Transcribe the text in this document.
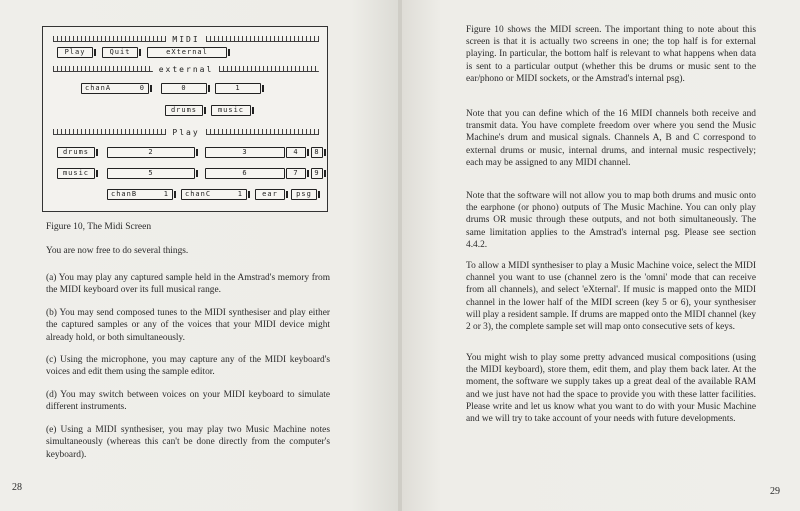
MIDI
Play	Quit	eXternal
external
chanA	0	0	1
drums	music
Play
drums	2	3	4	8
music	5	6	7	9
chanB	1 chanC	1	ear	psg
Figure 10, The Midi Screen
You are now free to do several things.
(a) You may play any captured sample held in the Amstrad's memory from the MIDI keyboard over its full musical range.
(b) You may send composed tunes to the MIDI synthesiser and play either the captured samples or any of the voices that your MIDI device might already hold, or both simultaneously.
(c) Using the microphone, you may capture any of the MIDI keyboard's voices and edit them using the sample editor.
(d) You may switch between voices on your MIDI keyboard to simulate different instruments.
(e) Using a MIDI synthesiser, you may play two Music Machine notes simultaneously (whereas this can't be done directly from the computer's keyboard).
28
Figure 10 shows the MIDI screen. The important thing to note about this screen is that it is actually two screens in one; the top half is for external playing. In particular, the bottom half is relevant to what happens when data is sent to a particular output (whether this be drums or music sent to the ear/phono or MIDI sockets, or the Amstrad's internal psg).
Note that you can define which of the 16 MIDI channels both receive and transmit data. You have complete freedom over where you send the Music Machine's drum and musical signals. Channels A, B and C correspond to external drums or music, internal drums, and internal music respectively; each may be assigned to any MIDI channel.
Note that the software will not allow you to map both drums and music onto the earphone (or phono) outputs of The Music Machine. You can only play drums OR music through these outputs, and not both simultaneously. The same limitation applies to the Amstrad's internal psg. Please see section 4.4.2.
To allow a MIDI synthesiser to play a Music Machine voice, select the MIDI channel you want to use (channel zero is the 'omni' mode that can receive from all channels), and select 'eXternal'. If music is mapped onto the MIDI channel in the lower half of the MIDI screen (key 5 or 6), your synthesiser will play a resident sample. If drums are mapped onto the MIDI channel (key 2 or 3), the complete sample set will map onto consecutive sets of keys.
You might wish to play some pretty advanced musical compositions (using the MIDI keyboard), store them, edit them, and play them back later. At the moment, the software we supply takes up a great deal of the available RAM and we just have not had the space to provide you with these latter facilities. Please write and let us know what you want to do with your Music Machine and we will try to take account of your needs with future developments.
29
